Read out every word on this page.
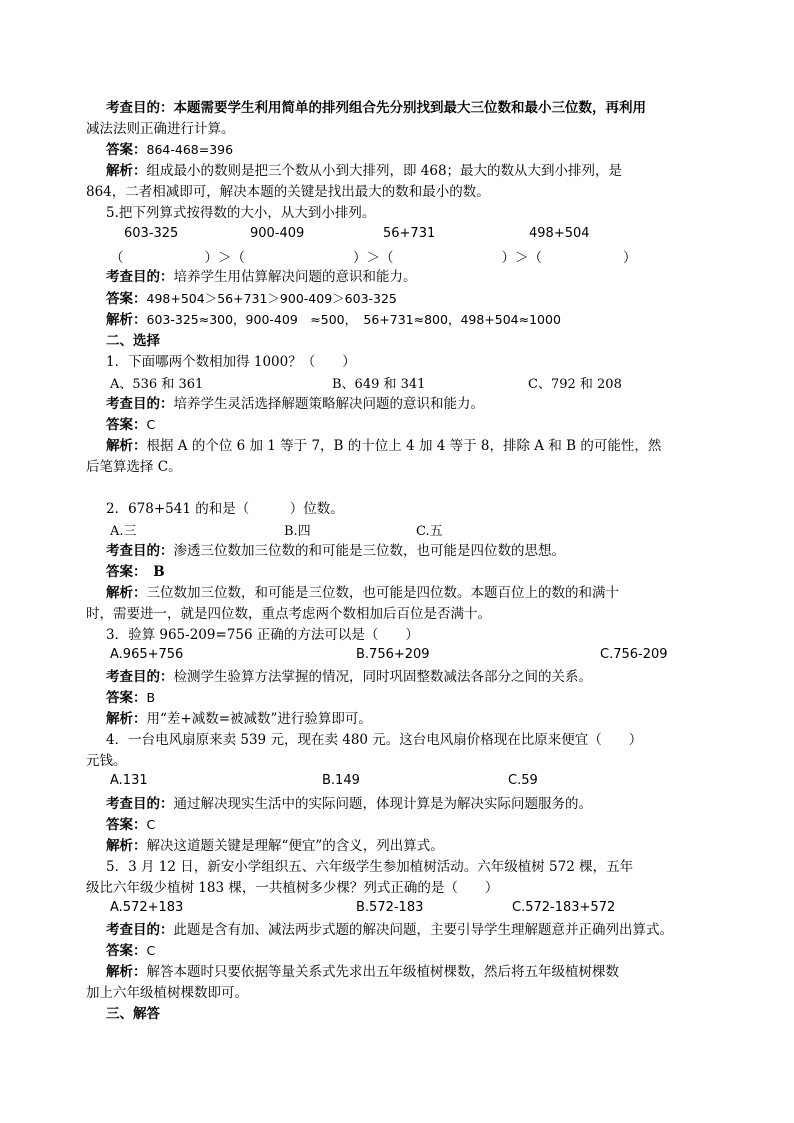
考查目的：本题需要学生利用简单的排列组合先分别找到最大三位数和最小三位数，再利用
减法法则正确进行计算。
答案：864-468=396
解析：组成最小的数则是把三个数从小到大排列，即 468；最大的数从大到小排列，是
864，二者相减即可，解决本题的关键是找出最大的数和最小的数。
5.把下列算式按得数的大小，从大到小排列。
603-325	900-409	56+731	498+504
（　　　　　　）＞（　　　　　　　　）＞（　　　　　　　　）＞（　　　　　　）
考查目的：培养学生用估算解决问题的意识和能力。
答案：498+504＞56+731＞900-409＞603-325
解析：603-325≈300，900-409　≈500，　56+731≈800，498+504≈1000
二、选择
1．下面哪两个数相加得 1000？（　　）
A、536 和 361	B、649 和 341	C、792 和 208
考查目的：培养学生灵活选择解题策略解决问题的意识和能力。
答案：C
解析：根据 A 的个位 6 加 1 等于 7，B 的十位上 4 加 4 等于 8，排除 A 和 B 的可能性，然
后笔算选择 C。
2．678+541 的和是（　　　）位数。
A.三	B.四	C.五
考查目的：渗透三位数加三位数的和可能是三位数，也可能是四位数的思想。
答案：　B
解析：三位数加三位数，和可能是三位数，也可能是四位数。本题百位上的数的和满十
时，需要进一，就是四位数，重点考虑两个数相加后百位是否满十。
3．验算 965-209=756 正确的方法可以是（　　）
A.965+756	B.756+209	C.756-209
考查目的：检测学生验算方法掌握的情况，同时巩固整数减法各部分之间的关系。
答案：B
解析：用“差+减数=被减数”进行验算即可。
4．一台电风扇原来卖 539 元，现在卖 480 元。这台电风扇价格现在比原来便宜（　　）
元钱。
A.131	B.149	C.59
考查目的：通过解决现实生活中的实际问题，体现计算是为解决实际问题服务的。
答案：C
解析：解决这道题关键是理解“便宜”的含义，列出算式。
5．3 月 12 日，新安小学组织五、六年级学生参加植树活动。六年级植树 572 棵，五年
级比六年级少植树 183 棵，一共植树多少棵？列式正确的是（　　）
A.572+183	B.572-183	C.572-183+572
考查目的：此题是含有加、减法两步式题的解决问题，主要引导学生理解题意并正确列出算式。
答案：C
解析：解答本题时只要依据等量关系式先求出五年级植树棵数，然后将五年级植树棵数
加上六年级植树棵数即可。
三、解答
